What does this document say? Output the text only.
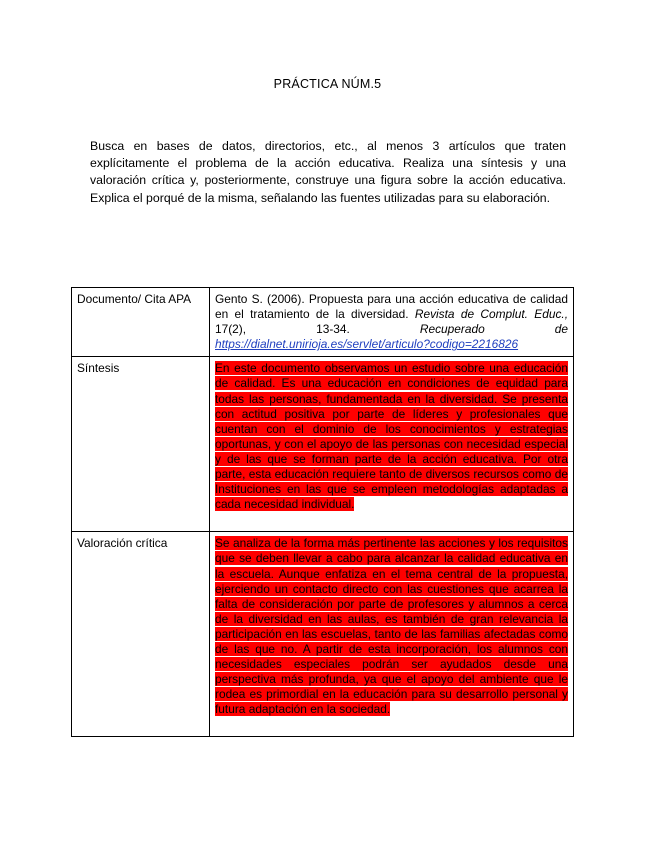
PRÁCTICA NÚM.5

Busca en bases de datos, directorios, etc., al menos 3 artículos que traten explícitamente el problema de la acción educativa. Realiza una síntesis y una valoración crítica y, posteriormente, construye una figura sobre la acción educativa. Explica el porqué de la misma, señalando las fuentes utilizadas para su elaboración.

Documento/ Cita APA	Gento S. (2006). Propuesta para una acción educativa de calidad en el tratamiento de la diversidad. Revista de Complut. Educ., 17(2), 13-34. Recuperado de https://dialnet.unirioja.es/servlet/articulo?codigo=2216826
Síntesis	En este documento observamos un estudio sobre una educación de calidad. Es una educación en condiciones de equidad para todas las personas, fundamentada en la diversidad. Se presenta con actitud positiva por parte de líderes y profesionales que cuentan con el dominio de los conocimientos y estrategias oportunas, y con el apoyo de las personas con necesidad especial y de las que se forman parte de la acción educativa. Por otra parte, esta educación requiere tanto de diversos recursos como de Instituciones en las que se empleen metodologías adaptadas a cada necesidad individual.
Valoración crítica	Se analiza de la forma más pertinente las acciones y los requisitos que se deben llevar a cabo para alcanzar la calidad educativa en la escuela. Aunque enfatiza en el tema central de la propuesta, ejerciendo un contacto directo con las cuestiones que acarrea la falta de consideración por parte de profesores y alumnos a cerca de la diversidad en las aulas, es también de gran relevancia la participación en las escuelas, tanto de las familias afectadas como de las que no. A partir de esta incorporación, los alumnos con necesidades especiales podrán ser ayudados desde una perspectiva más profunda, ya que el apoyo del ambiente que le rodea es primordial en la educación para su desarrollo personal y futura adaptación en la sociedad.
